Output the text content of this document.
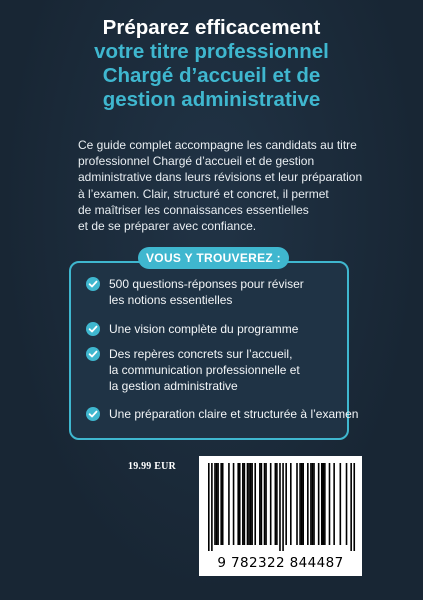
Préparez efficacement
votre titre professionnel
Chargé d’accueil et de
gestion administrative
Ce guide complet accompagne les candidats au titre
professionnel Chargé d’accueil et de gestion
administrative dans leurs révisions et leur préparation
à l’examen. Clair, structuré et concret, il permet
de maîtriser les connaissances essentielles
et de se préparer avec confiance.
VOUS Y TROUVEREZ :
500 questions-réponses pour réviser
les notions essentielles
Une vision complète du programme
Des repères concrets sur l’accueil,
la communication professionnelle et
la gestion administrative
Une préparation claire et structurée à l’examen
19.99 EUR
9 782322 844487
